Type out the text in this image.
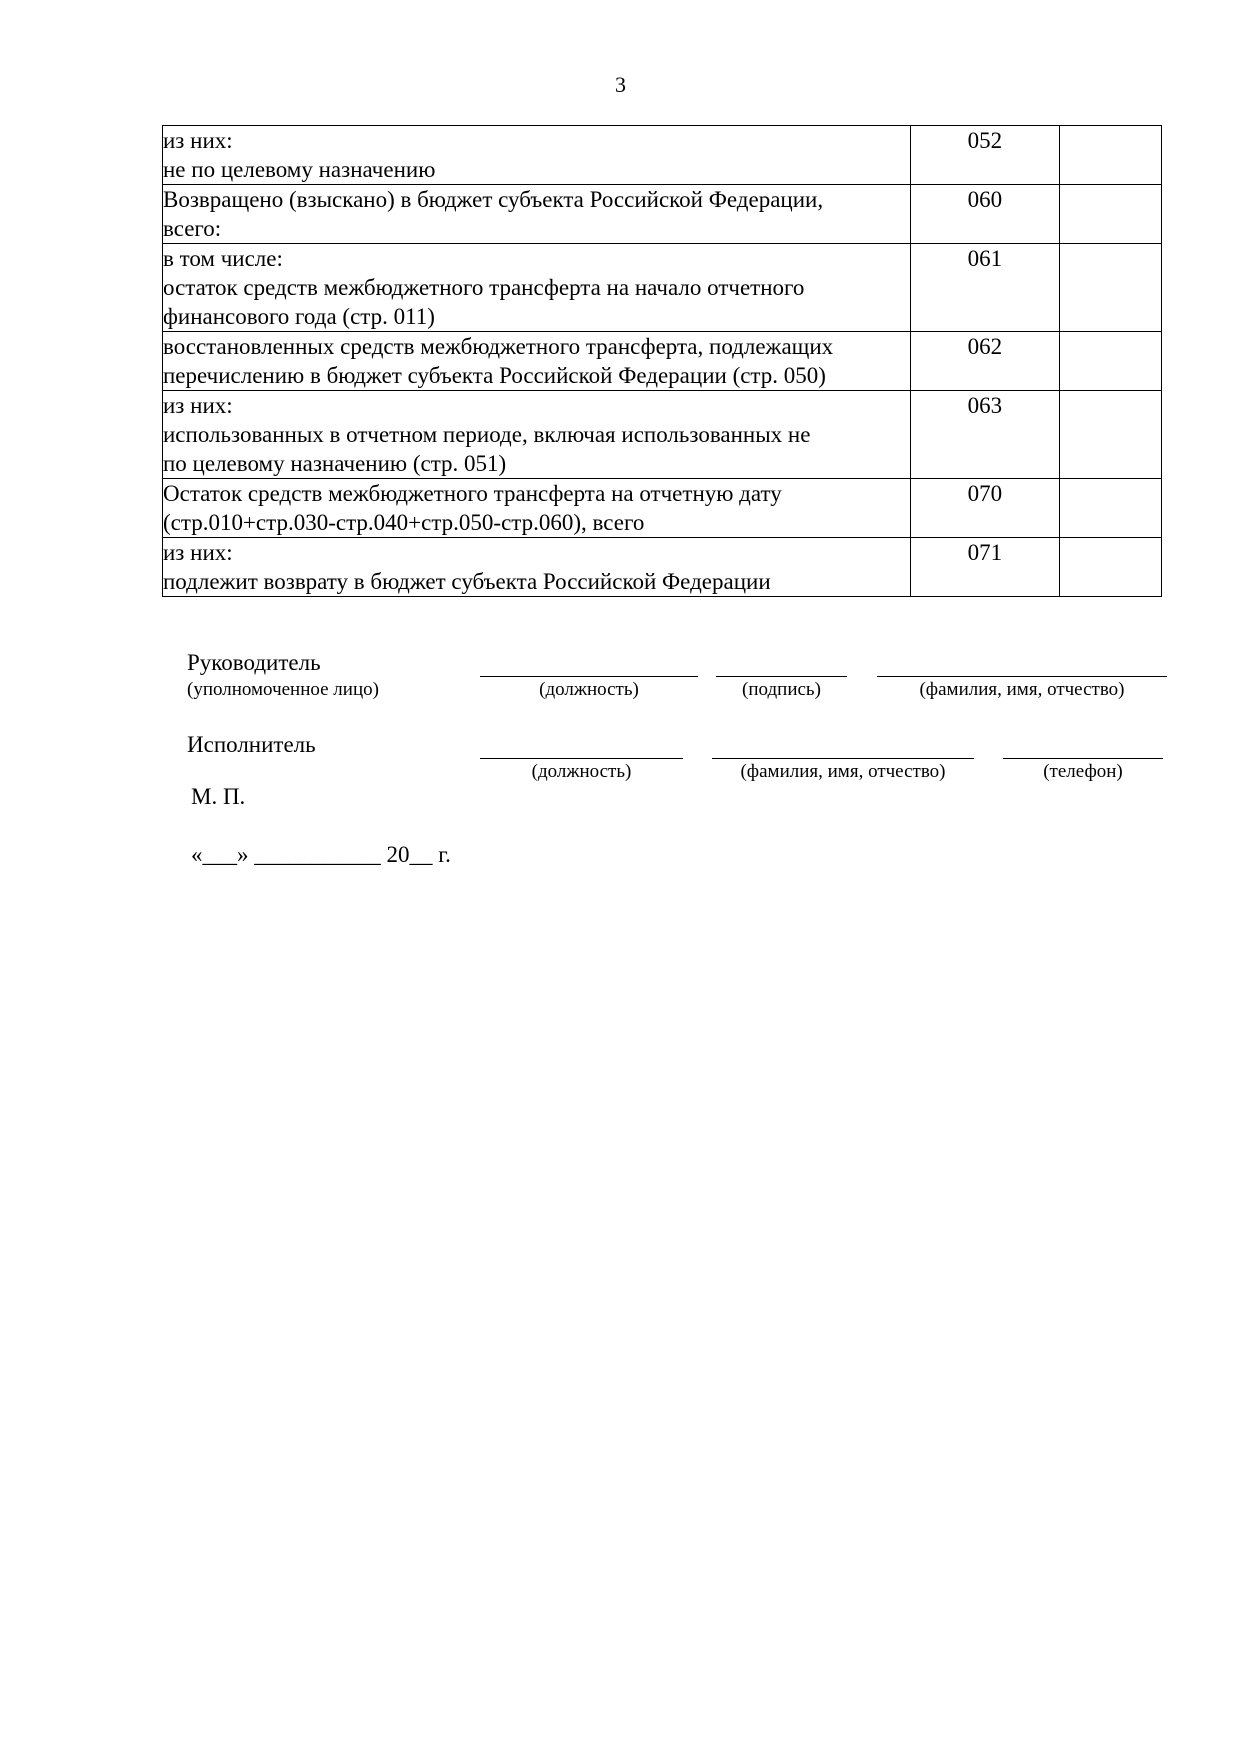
3
из них:
не по целевому назначению	052	

Возвращено (взыскано) в бюджет субъекта Российской Федерации,
всего:	060	

в том числе:
остаток средств межбюджетного трансферта на начало отчетного
финансового года (стр. 011)	061	

восстановленных средств межбюджетного трансферта, подлежащих
перечислению в бюджет субъекта Российской Федерации (стр. 050)	062	

из них:
использованных в отчетном периоде, включая использованных не
по целевому назначению (стр. 051)	063	

Остаток средств межбюджетного трансферта на отчетную дату
(стр.010+стр.030-стр.040+стр.050-стр.060), всего	070	

из них:
подлежит возврату в бюджет субъекта Российской Федерации	071	
Руководитель
(уполномоченное лицо)	(должность)	(подпись)	(фамилия, имя, отчество)
Исполнитель
(должность)	(фамилия, имя, отчество)	(телефон)
М. П.
«___» ___________ 20__ г.
